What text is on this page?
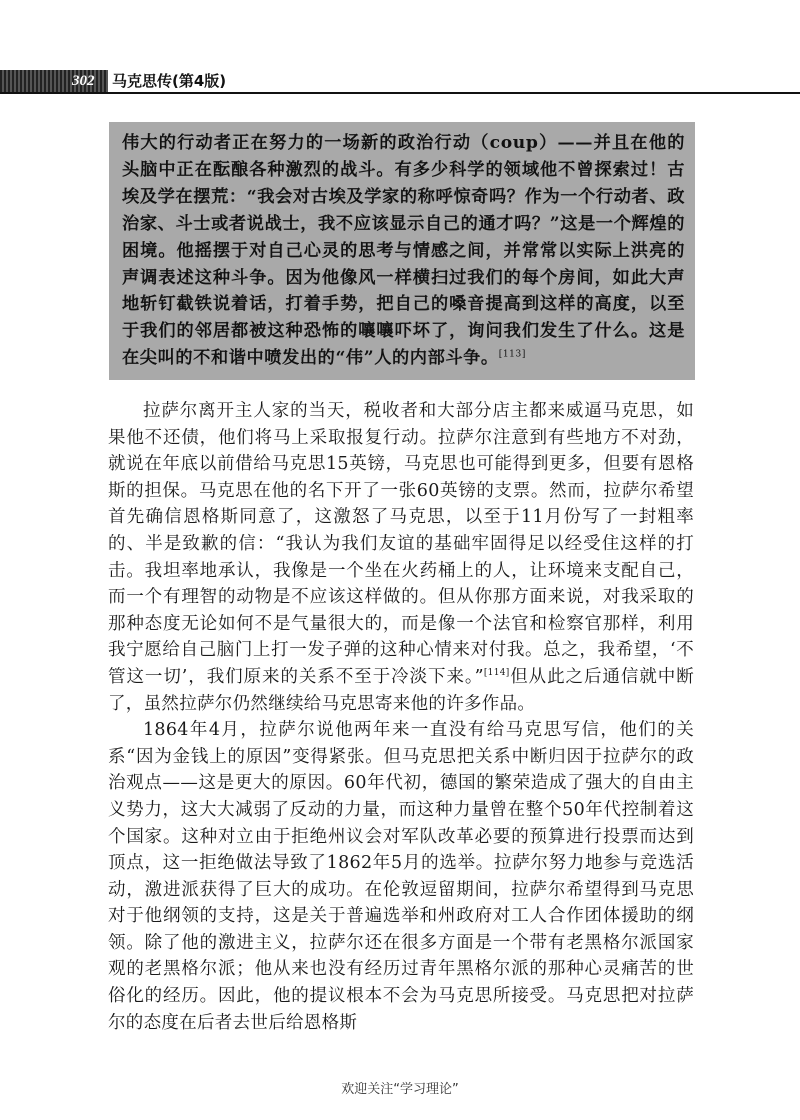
302 马克思传(第4版)

伟大的行动者正在努力的一场新的政治行动（coup）——并且在他的头脑中正在酝酿各种激烈的战斗。有多少科学的领域他不曾探索过！古埃及学在摆荒：“我会对古埃及学家的称呼惊奇吗？作为一个行动者、政治家、斗士或者说战士，我不应该显示自己的通才吗？”这是一个辉煌的困境。他摇摆于对自己心灵的思考与情感之间，并常常以实际上洪亮的声调表述这种斗争。因为他像风一样横扫过我们的每个房间，如此大声地斩钉截铁说着话，打着手势，把自己的嗓音提高到这样的高度，以至于我们的邻居都被这种恐怖的嚷嚷吓坏了，询问我们发生了什么。这是在尖叫的不和谐中喷发出的“伟”人的内部斗争。[113]

拉萨尔离开主人家的当天，税收者和大部分店主都来威逼马克思，如果他不还债，他们将马上采取报复行动。拉萨尔注意到有些地方不对劲，就说在年底以前借给马克思15英镑，马克思也可能得到更多，但要有恩格斯的担保。马克思在他的名下开了一张60英镑的支票。然而，拉萨尔希望首先确信恩格斯同意了，这激怒了马克思，以至于11月份写了一封粗率的、半是致歉的信：“我认为我们友谊的基础牢固得足以经受住这样的打击。我坦率地承认，我像是一个坐在火药桶上的人，让环境来支配自己，而一个有理智的动物是不应该这样做的。但从你那方面来说，对我采取的那种态度无论如何不是气量很大的，而是像一个法官和检察官那样，利用我宁愿给自己脑门上打一发子弹的这种心情来对付我。总之，我希望，‘不管这一切’，我们原来的关系不至于冷淡下来。”[114]但从此之后通信就中断了，虽然拉萨尔仍然继续给马克思寄来他的许多作品。

1864年4月，拉萨尔说他两年来一直没有给马克思写信，他们的关系“因为金钱上的原因”变得紧张。但马克思把关系中断归因于拉萨尔的政治观点——这是更大的原因。60年代初，德国的繁荣造成了强大的自由主义势力，这大大减弱了反动的力量，而这种力量曾在整个50年代控制着这个国家。这种对立由于拒绝州议会对军队改革必要的预算进行投票而达到顶点，这一拒绝做法导致了1862年5月的选举。拉萨尔努力地参与竞选活动，激进派获得了巨大的成功。在伦敦逗留期间，拉萨尔希望得到马克思对于他纲领的支持，这是关于普遍选举和州政府对工人合作团体援助的纲领。除了他的激进主义，拉萨尔还在很多方面是一个带有老黑格尔派国家观的老黑格尔派；他从来也没有经历过青年黑格尔派的那种心灵痛苦的世俗化的经历。因此，他的提议根本不会为马克思所接受。马克思把对拉萨尔的态度在后者去世后给恩格斯

欢迎关注“学习理论”
